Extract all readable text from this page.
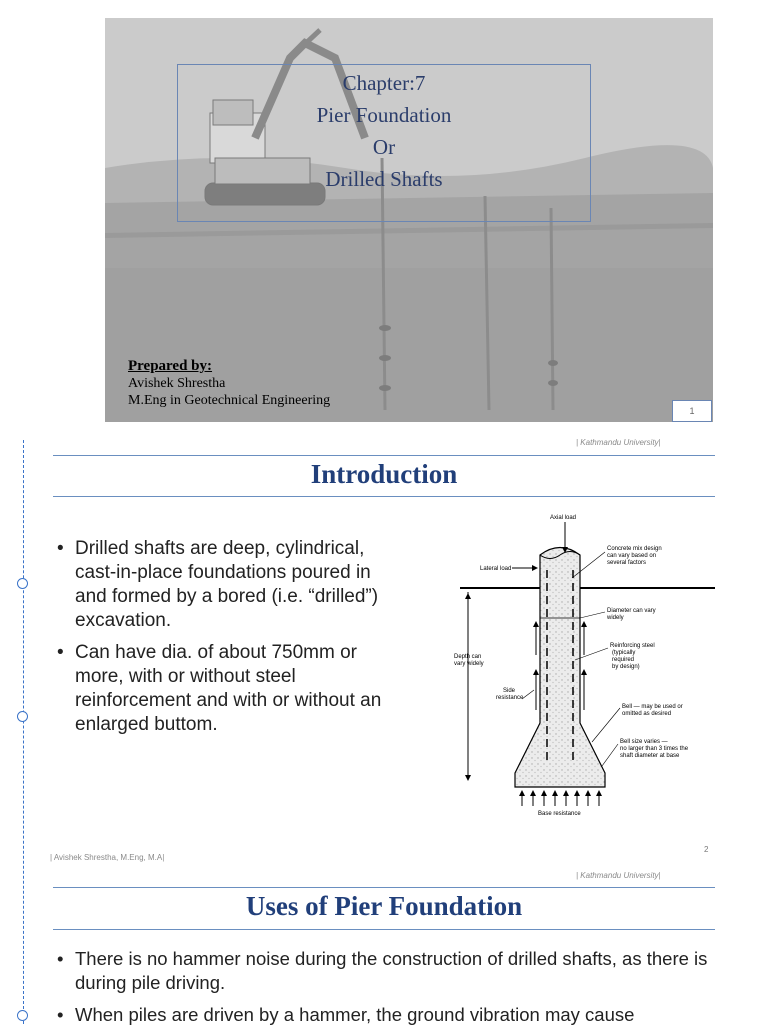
Chapter:7
Pier Foundation
Or
Drilled Shafts
Prepared by:
Avishek Shrestha
M.Eng in Geotechnical Engineering
1
| Kathmandu University|
Introduction
• Drilled shafts are deep, cylindrical, cast-in-place foundations poured in and formed by a bored (i.e. “drilled”) excavation.
• Can have dia. of about 750mm or more, with or without steel reinforcement and with or without an enlarged buttom.
Axial load
Lateral load
Concrete mix design
can vary based on
several factors
Diameter can vary
widely
Depth can
vary widely
Reinforcing steel
(typically
required
by design)
Side
resistance
Bell — may be used or
omitted as desired
Bell size varies —
no larger than 3 times the
shaft diameter at base
Base resistance
| Avishek Shrestha, M.Eng, M.A|
2
| Kathmandu University|
Uses of Pier Foundation
• There is no hammer noise during the construction of drilled shafts, as there is during pile driving.
• When piles are driven by a hammer, the ground vibration may cause
